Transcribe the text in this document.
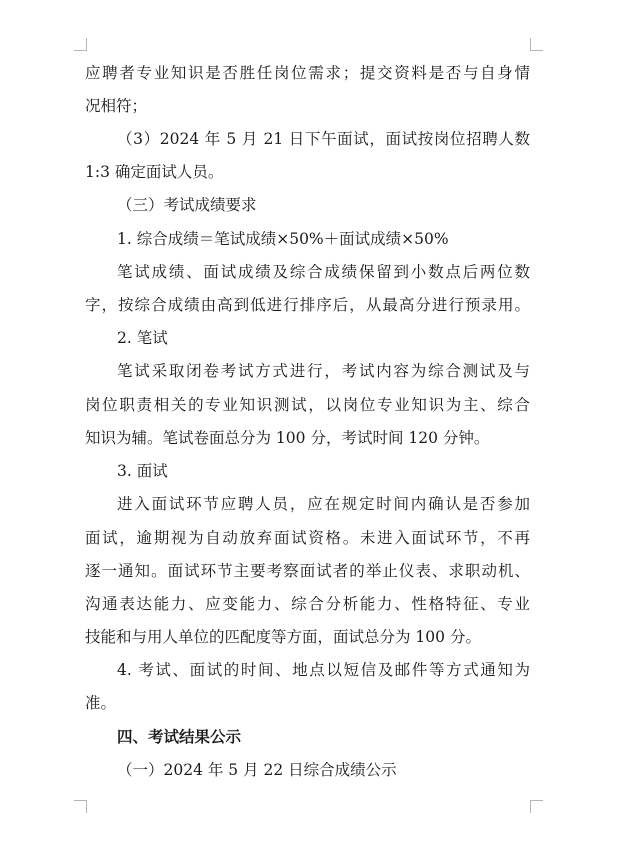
应聘者专业知识是否胜任岗位需求；提交资料是否与自身情
况相符；
（3）2024 年 5 月 21 日下午面试，面试按岗位招聘人数
1:3 确定面试人员。
（三）考试成绩要求
1. 综合成绩＝笔试成绩×50%＋面试成绩×50%
笔试成绩、面试成绩及综合成绩保留到小数点后两位数
字，按综合成绩由高到低进行排序后，从最高分进行预录用。
2. 笔试
笔试采取闭卷考试方式进行，考试内容为综合测试及与
岗位职责相关的专业知识测试，以岗位专业知识为主、综合
知识为辅。笔试卷面总分为 100 分，考试时间 120 分钟。
3. 面试
进入面试环节应聘人员，应在规定时间内确认是否参加
面试，逾期视为自动放弃面试资格。未进入面试环节，不再
逐一通知。面试环节主要考察面试者的举止仪表、求职动机、
沟通表达能力、应变能力、综合分析能力、性格特征、专业
技能和与用人单位的匹配度等方面，面试总分为 100 分。
4. 考试、面试的时间、地点以短信及邮件等方式通知为
准。
四、考试结果公示
（一）2024 年 5 月 22 日综合成绩公示
